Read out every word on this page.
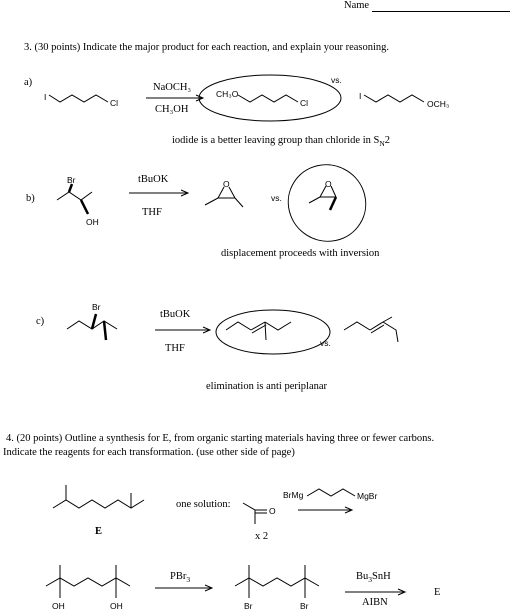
Name
3. (30 points) Indicate the major product for each reaction, and explain your reasoning.
a)
b)
c)
NaOCH₃
CH₃OH
iodide is a better leaving group than chloride in $S_N2$
tBuOK
THF
displacement proceeds with inversion
tBuOK
THF
elimination is anti periplanar
4. (20 points) Outline a synthesis for E, from organic starting materials having three or fewer carbons.
Indicate the reagents for each transformation. (use other side of page)
one solution:
x 2
PBr$_3$	$Bu_3SnH$
AIBN
E
E
I
Cl
CH₃O
Cl
vs.
I
OCH₃
Br
OH
O
vs.
O
Br
vs.
BrMg	MgBr
O
OH	OH	Br	Br
